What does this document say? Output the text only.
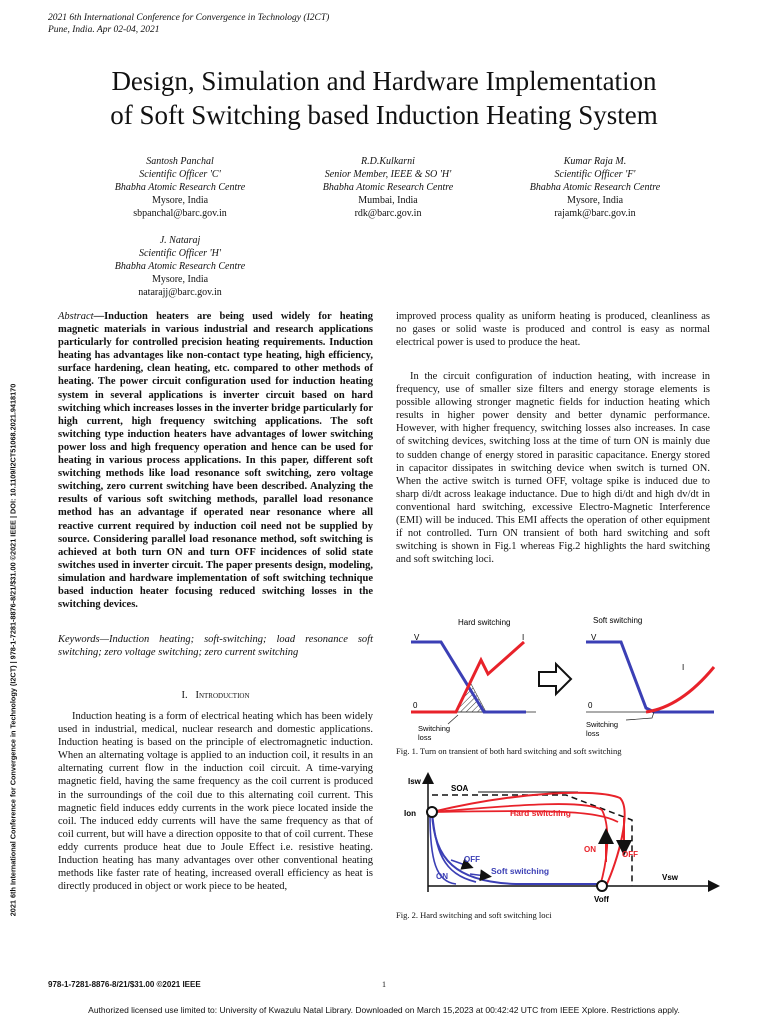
2021 6th International Conference for Convergence in Technology (I2CT)
Pune, India. Apr 02-04, 2021
Design, Simulation and Hardware Implementation
of Soft Switching based Induction Heating System
Santosh Panchal
Scientific Officer 'C'
Bhabha Atomic Research Centre
Mysore, India
sbpanchal@barc.gov.in
R.D.Kulkarni
Senior Member, IEEE & SO 'H'
Bhabha Atomic Research Centre
Mumbai, India
rdk@barc.gov.in
Kumar Raja M.
Scientific Officer 'F'
Bhabha Atomic Research Centre
Mysore, India
rajamk@barc.gov.in
J. Nataraj
Scientific Officer 'H'
Bhabha Atomic Research Centre
Mysore, India
natarajj@barc.gov.in
2021 6th International Conference for Convergence in Technology (I2CT) | 978-1-7281-8876-8/21/$31.00 ©2021 IEEE | DOI: 10.1109/I2CT51068.2021.9418170
Abstract—Induction heaters are being used widely for heating magnetic materials in various industrial and research applications particularly for controlled precision heating requirements. Induction heating has advantages like non-contact type heating, high efficiency, surface hardening, clean heating, etc. compared to other methods of heating. The power circuit configuration used for induction heating system in several applications is inverter circuit based on hard switching which increases losses in the inverter bridge particularly for high current, high frequency switching applications. The soft switching type induction heaters have advantages of lower switching power loss and high frequency operation and hence can be used for heating in various process applications. In this paper, different soft switching methods like load resonance soft switching, zero voltage switching, zero current switching have been described. Analyzing the results of various soft switching methods, parallel load resonance method has an advantage if operated near resonance where all reactive current required by induction coil need not be supplied by source. Considering parallel load resonance method, soft switching is achieved at both turn ON and turn OFF incidences of solid state switches used in inverter circuit. The paper presents design, modeling, simulation and hardware implementation of soft switching technique based induction heater focusing reduced switching losses in the switching devices.
Keywords—Induction heating; soft-switching; load resonance soft switching; zero voltage switching; zero current switching
I. Introduction
Induction heating is a form of electrical heating which has been widely used in industrial, medical, nuclear research and domestic applications. Induction heating is based on the principle of electromagnetic induction. When an alternating voltage is applied to an induction coil, it results in an alternating current flow in the induction coil circuit. A time-varying magnetic field, having the same frequency as the coil current is produced in the surroundings of the coil due to this alternating coil current. This magnetic field induces eddy currents in the work piece located inside the coil. The induced eddy currents will have the same frequency as that of coil current, but will have a direction opposite to that of coil current. These eddy currents produce heat due to Joule Effect i.e. resistive heating. Induction heating has many advantages over other conventional heating methods like faster rate of heating, increased overall efficiency as heat is directly produced in object or work piece to be heated,
improved process quality as uniform heating is produced, cleanliness as no gases or solid waste is produced and control is easy as normal electrical power is used to produce the heat.
In the circuit configuration of induction heating, with increase in frequency, use of smaller size filters and energy storage elements is possible allowing stronger magnetic fields for induction heating which results in higher power density and better dynamic performance. However, with higher frequency, switching losses also increases. In case of switching devices, switching loss at the time of turn ON is mainly due to sudden change of energy stored in parasitic capacitance. Energy stored in capacitor dissipates in switching device when switch is turned ON. When the active switch is turned OFF, voltage spike is induced due to sharp di/dt across leakage inductance. Due to high di/dt and high dv/dt in conventional hard switching, excessive Electro-Magnetic Interference (EMI) will be induced. This EMI affects the operation of other equipment if not controlled. Turn ON transient of both hard switching and soft switching is shown in Fig.1 whereas Fig.2 highlights the hard switching and soft switching loci.
Hard switching
V	I
0
Switching
loss
Soft switching
V
I
0
Switching
loss
Fig. 1. Turn on transient of both hard switching and soft switching
Isw
Ion
SOA
Hard switching
ON
OFF
OFF
ON
Soft switching
Vsw
Voff
Fig. 2. Hard switching and soft switching loci
978-1-7281-8876-8/21/$31.00 ©2021 IEEE	1
Authorized licensed use limited to: University of Kwazulu Natal Library. Downloaded on March 15,2023 at 00:42:42 UTC from IEEE Xplore. Restrictions apply.
